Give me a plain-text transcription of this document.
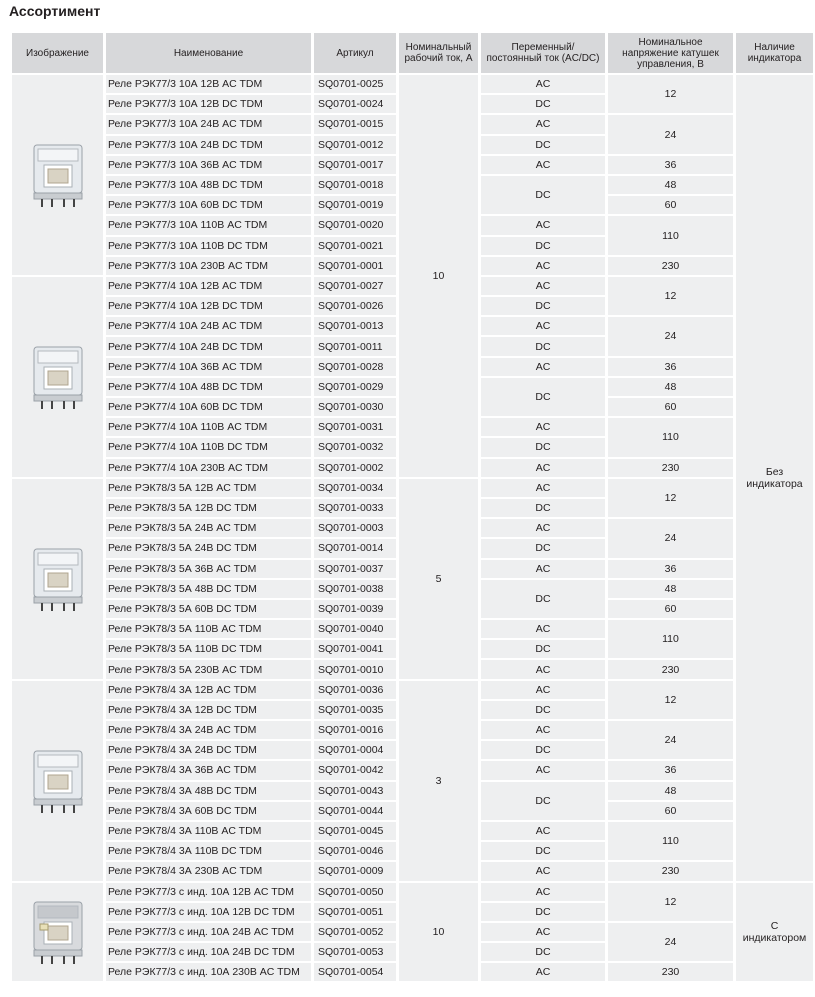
Ассортимент
Изображение	Наименование	Артикул	Номинальный рабочий ток, А	Переменный/ постоянный ток (AC/DC)	Номинальное напряжение катушек управления, В	Наличие индикатора

	Реле РЭК77/3 10А 12В AC TDM	SQ0701-0025	10	AC	12	Без индикатора
	Реле РЭК77/3 10А 12В DC TDM	SQ0701-0024		DC		
	Реле РЭК77/3 10А 24В AC TDM	SQ0701-0015		AC	24	
	Реле РЭК77/3 10А 24В DC TDM	SQ0701-0012		DC		
	Реле РЭК77/3 10А 36В AC TDM	SQ0701-0017		AC	36	
	Реле РЭК77/3 10А 48В DC TDM	SQ0701-0018		DC	48	
	Реле РЭК77/3 10А 60В DC TDM	SQ0701-0019			60	
	Реле РЭК77/3 10А 110В AC TDM	SQ0701-0020		AC	110	
	Реле РЭК77/3 10А 110В DC TDM	SQ0701-0021		DC		
	Реле РЭК77/3 10А 230В AC TDM	SQ0701-0001		AC	230	

	Реле РЭК77/4 10А 12В AC TDM	SQ0701-0027		AC	12	
	Реле РЭК77/4 10А 12В DC TDM	SQ0701-0026		DC		
	Реле РЭК77/4 10А 24В AC TDM	SQ0701-0013		AC	24	
	Реле РЭК77/4 10А 24В DC TDM	SQ0701-0011		DC		
	Реле РЭК77/4 10А 36В AC TDM	SQ0701-0028		AC	36	
	Реле РЭК77/4 10А 48В DC TDM	SQ0701-0029		DC	48	
	Реле РЭК77/4 10А 60В DC TDM	SQ0701-0030			60	
	Реле РЭК77/4 10А 110В AC TDM	SQ0701-0031		AC	110	
	Реле РЭК77/4 10А 110В DC TDM	SQ0701-0032		DC		
	Реле РЭК77/4 10А 230В AC TDM	SQ0701-0002		AC	230	

	Реле РЭК78/3 5А 12В AC TDM	SQ0701-0034	5	AC	12	
	Реле РЭК78/3 5А 12В DC TDM	SQ0701-0033		DC		
	Реле РЭК78/3 5А 24В AC TDM	SQ0701-0003		AC	24	
	Реле РЭК78/3 5А 24В DC TDM	SQ0701-0014		DC		
	Реле РЭК78/3 5А 36В AC TDM	SQ0701-0037		AC	36	
	Реле РЭК78/3 5А 48В DC TDM	SQ0701-0038		DC	48	
	Реле РЭК78/3 5А 60В DC TDM	SQ0701-0039			60	
	Реле РЭК78/3 5А 110В AC TDM	SQ0701-0040		AC	110	
	Реле РЭК78/3 5А 110В DC TDM	SQ0701-0041		DC		
	Реле РЭК78/3 5А 230В AC TDM	SQ0701-0010		AC	230	

	Реле РЭК78/4 3А 12В AC TDM	SQ0701-0036	3	AC	12	
	Реле РЭК78/4 3А 12В DC TDM	SQ0701-0035		DC		
	Реле РЭК78/4 3А 24В AC TDM	SQ0701-0016		AC	24	
	Реле РЭК78/4 3А 24В DC TDM	SQ0701-0004		DC		
	Реле РЭК78/4 3А 36В AC TDM	SQ0701-0042		AC	36	
	Реле РЭК78/4 3А 48В DC TDM	SQ0701-0043		DC	48	
	Реле РЭК78/4 3А 60В DC TDM	SQ0701-0044			60	
	Реле РЭК78/4 3А 110В AC TDM	SQ0701-0045		AC	110	
	Реле РЭК78/4 3А 110В DC TDM	SQ0701-0046		DC		
	Реле РЭК78/4 3А 230В AC TDM	SQ0701-0009		AC	230	

	Реле РЭК77/3 с инд. 10А 12В AC TDM	SQ0701-0050	10	AC	12	С индикатором
	Реле РЭК77/3 с инд. 10А 12В DC TDM	SQ0701-0051		DC		
	Реле РЭК77/3 с инд. 10А 24В AC TDM	SQ0701-0052		AC	24	
	Реле РЭК77/3 с инд. 10А 24В DC TDM	SQ0701-0053		DC		
	Реле РЭК77/3 с инд. 10А 230В AC TDM	SQ0701-0054		AC	230	
